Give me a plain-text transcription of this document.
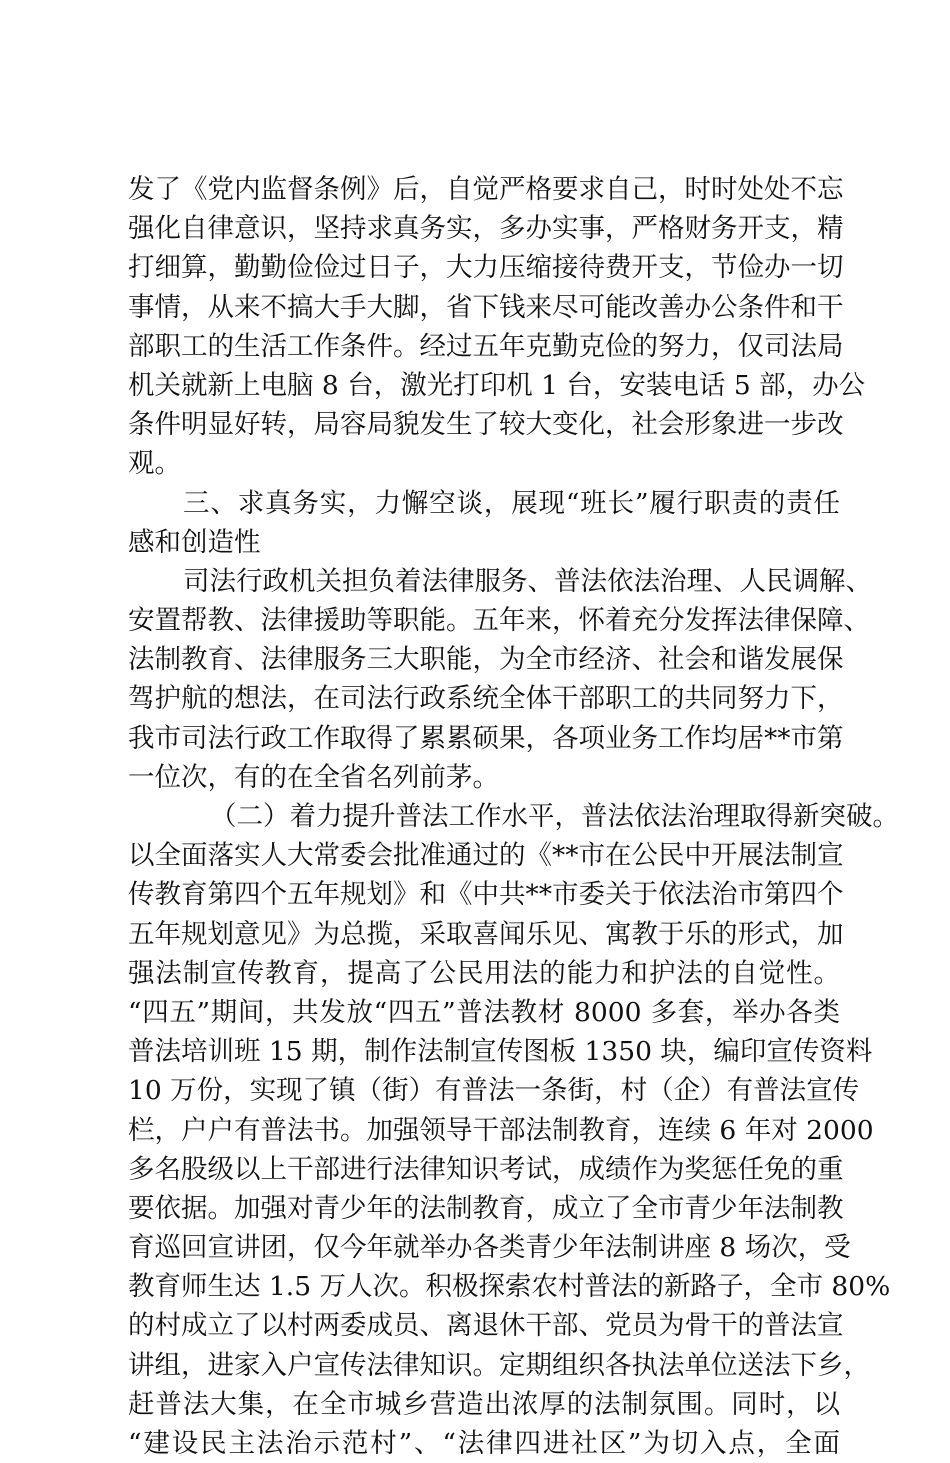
发了《党内监督条例》后，自觉严格要求自己，时时处处不忘
强化自律意识，坚持求真务实，多办实事，严格财务开支，精
打细算，勤勤俭俭过日子，大力压缩接待费开支，节俭办一切
事情，从来不搞大手大脚，省下钱来尽可能改善办公条件和干
部职工的生活工作条件。经过五年克勤克俭的努力，仅司法局
机关就新上电脑 8 台，激光打印机 1 台，安装电话 5 部，办公
条件明显好转，局容局貌发生了较大变化，社会形象进一步改
观。
三、求真务实，力懈空谈，展现“班长”履行职责的责任
感和创造性
司法行政机关担负着法律服务、普法依法治理、人民调解、
安置帮教、法律援助等职能。五年来，怀着充分发挥法律保障、
法制教育、法律服务三大职能，为全市经济、社会和谐发展保
驾护航的想法，在司法行政系统全体干部职工的共同努力下，
我市司法行政工作取得了累累硕果，各项业务工作均居**市第
一位次，有的在全省名列前茅。
（二）着力提升普法工作水平，普法依法治理取得新突破。
以全面落实人大常委会批准通过的《**市在公民中开展法制宣
传教育第四个五年规划》和《中共**市委关于依法治市第四个
五年规划意见》为总揽，采取喜闻乐见、寓教于乐的形式，加
强法制宣传教育，提高了公民用法的能力和护法的自觉性。
“四五”期间，共发放“四五”普法教材 8000 多套，举办各类
普法培训班 15 期，制作法制宣传图板 1350 块，编印宣传资料
10 万份，实现了镇（街）有普法一条街，村（企）有普法宣传
栏，户户有普法书。加强领导干部法制教育，连续 6 年对 2000
多名股级以上干部进行法律知识考试，成绩作为奖惩任免的重
要依据。加强对青少年的法制教育，成立了全市青少年法制教
育巡回宣讲团，仅今年就举办各类青少年法制讲座 8 场次，受
教育师生达 1.5 万人次。积极探索农村普法的新路子，全市 80%
的村成立了以村两委成员、离退休干部、党员为骨干的普法宣
讲组，进家入户宣传法律知识。定期组织各执法单位送法下乡，
赶普法大集，在全市城乡营造出浓厚的法制氛围。同时，以
“建设民主法治示范村”、“法律四进社区”为切入点，全面
